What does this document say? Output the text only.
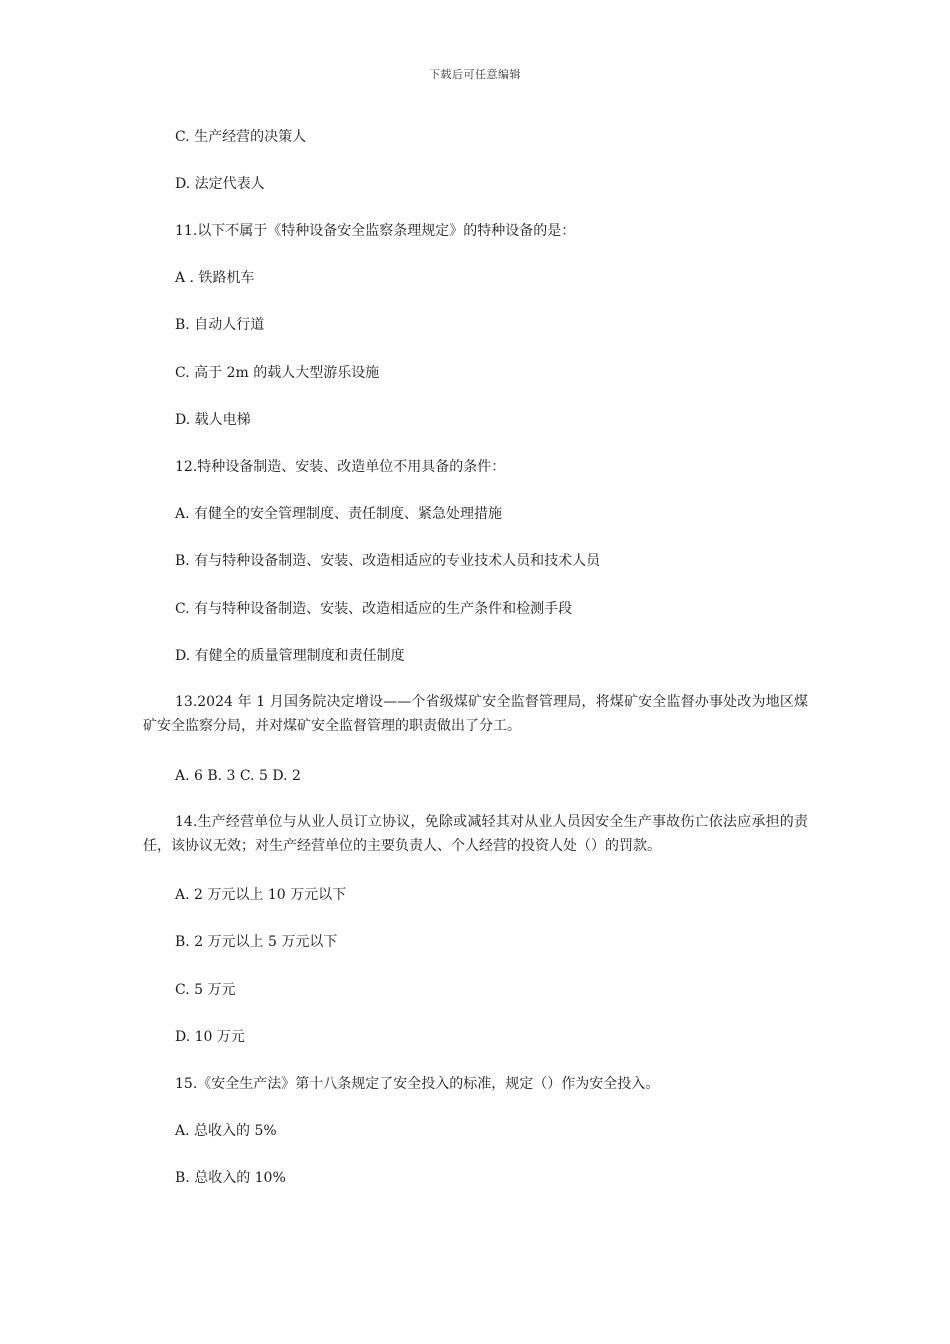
下载后可任意编辑
C. 生产经营的决策人
D. 法定代表人
11.以下不属于《特种设备安全监察条理规定》的特种设备的是：
A . 铁路机车
B. 自动人行道
C. 高于 2m 的载人大型游乐设施
D. 载人电梯
12.特种设备制造、安装、改造单位不用具备的条件：
A. 有健全的安全管理制度、责任制度、紧急处理措施
B. 有与特种设备制造、安装、改造相适应的专业技术人员和技术人员
C. 有与特种设备制造、安装、改造相适应的生产条件和检测手段
D. 有健全的质量管理制度和责任制度
13.2024 年 1 月国务院决定增设——个省级煤矿安全监督管理局，将煤矿安全监督办事处改为地区煤矿安全监察分局，并对煤矿安全监督管理的职责做出了分工。
A. 6 B. 3 C. 5 D. 2
14.生产经营单位与从业人员订立协议，免除或减轻其对从业人员因安全生产事故伤亡依法应承担的责任，该协议无效；对生产经营单位的主要负责人、个人经营的投资人处（）的罚款。
A. 2 万元以上 10 万元以下
B. 2 万元以上 5 万元以下
C. 5 万元
D. 10 万元
15.《安全生产法》第十八条规定了安全投入的标准，规定（）作为安全投入。
A. 总收入的 5%
B. 总收入的 10%
